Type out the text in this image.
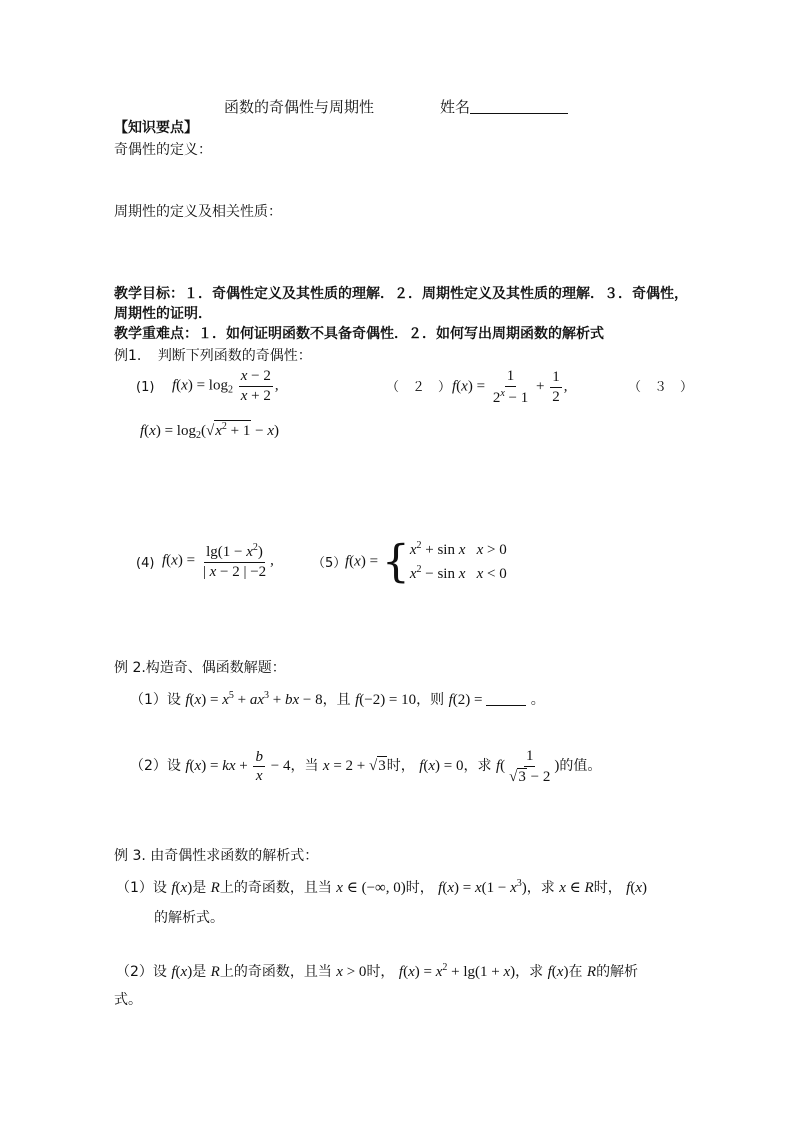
函数的奇偶性与周期性	姓名
【知识要点】
奇偶性的定义：
周期性的定义及相关性质：
教学目标：１．奇偶性定义及其性质的理解．２．周期性定义及其性质的理解．３．奇偶性，
周期性的证明．
教学重难点：１．如何证明函数不具备奇偶性．２．如何写出周期函数的解析式
例1. 判断下列函数的奇偶性：
(1) $f(x) = \log_2 \frac{x - 2}{x + 2}$ ,	（　２　） $f(x) = \frac{1}{2^x - 1} + \frac{1}{2}$ ,	（　３　）
$f(x) = \log_2(√x^2 + 1 - x)$
(4) $f(x) = \frac{\lg(1 - x^2)}{| x - 2 | -2}$ ,	（5）
f(x) = { $x^2 + \sin x$ x > 0
$x^2 - \sin x$ x < 0
例 2.构造奇、偶函数解题：
（1）设 $f(x) = x^5 + ax^3$ + bx − 8，且 f(−2) = 10，则 f(2) =	。
（2）设 f(x) = kx + $\frac{b}{x} - 4$，当 x = 2 + √3时， f(x) = 0，求 $f( \frac{1}{√3 - 2}$ )的值。
例 3. 由奇偶性求函数的解析式：
（1）设 f(x)是 R上的奇函数，且当 x ∈ (−∞, 0)时， $f(x) = x(1 - x^3)$，求 x ∈ R时， f(x)
的解析式。
（2）设 f(x)是 R上的奇函数，且当 x > 0时， $f(x) = x^2 + \lg(1 + x)$，求 f(x)在 R的解析
式。
